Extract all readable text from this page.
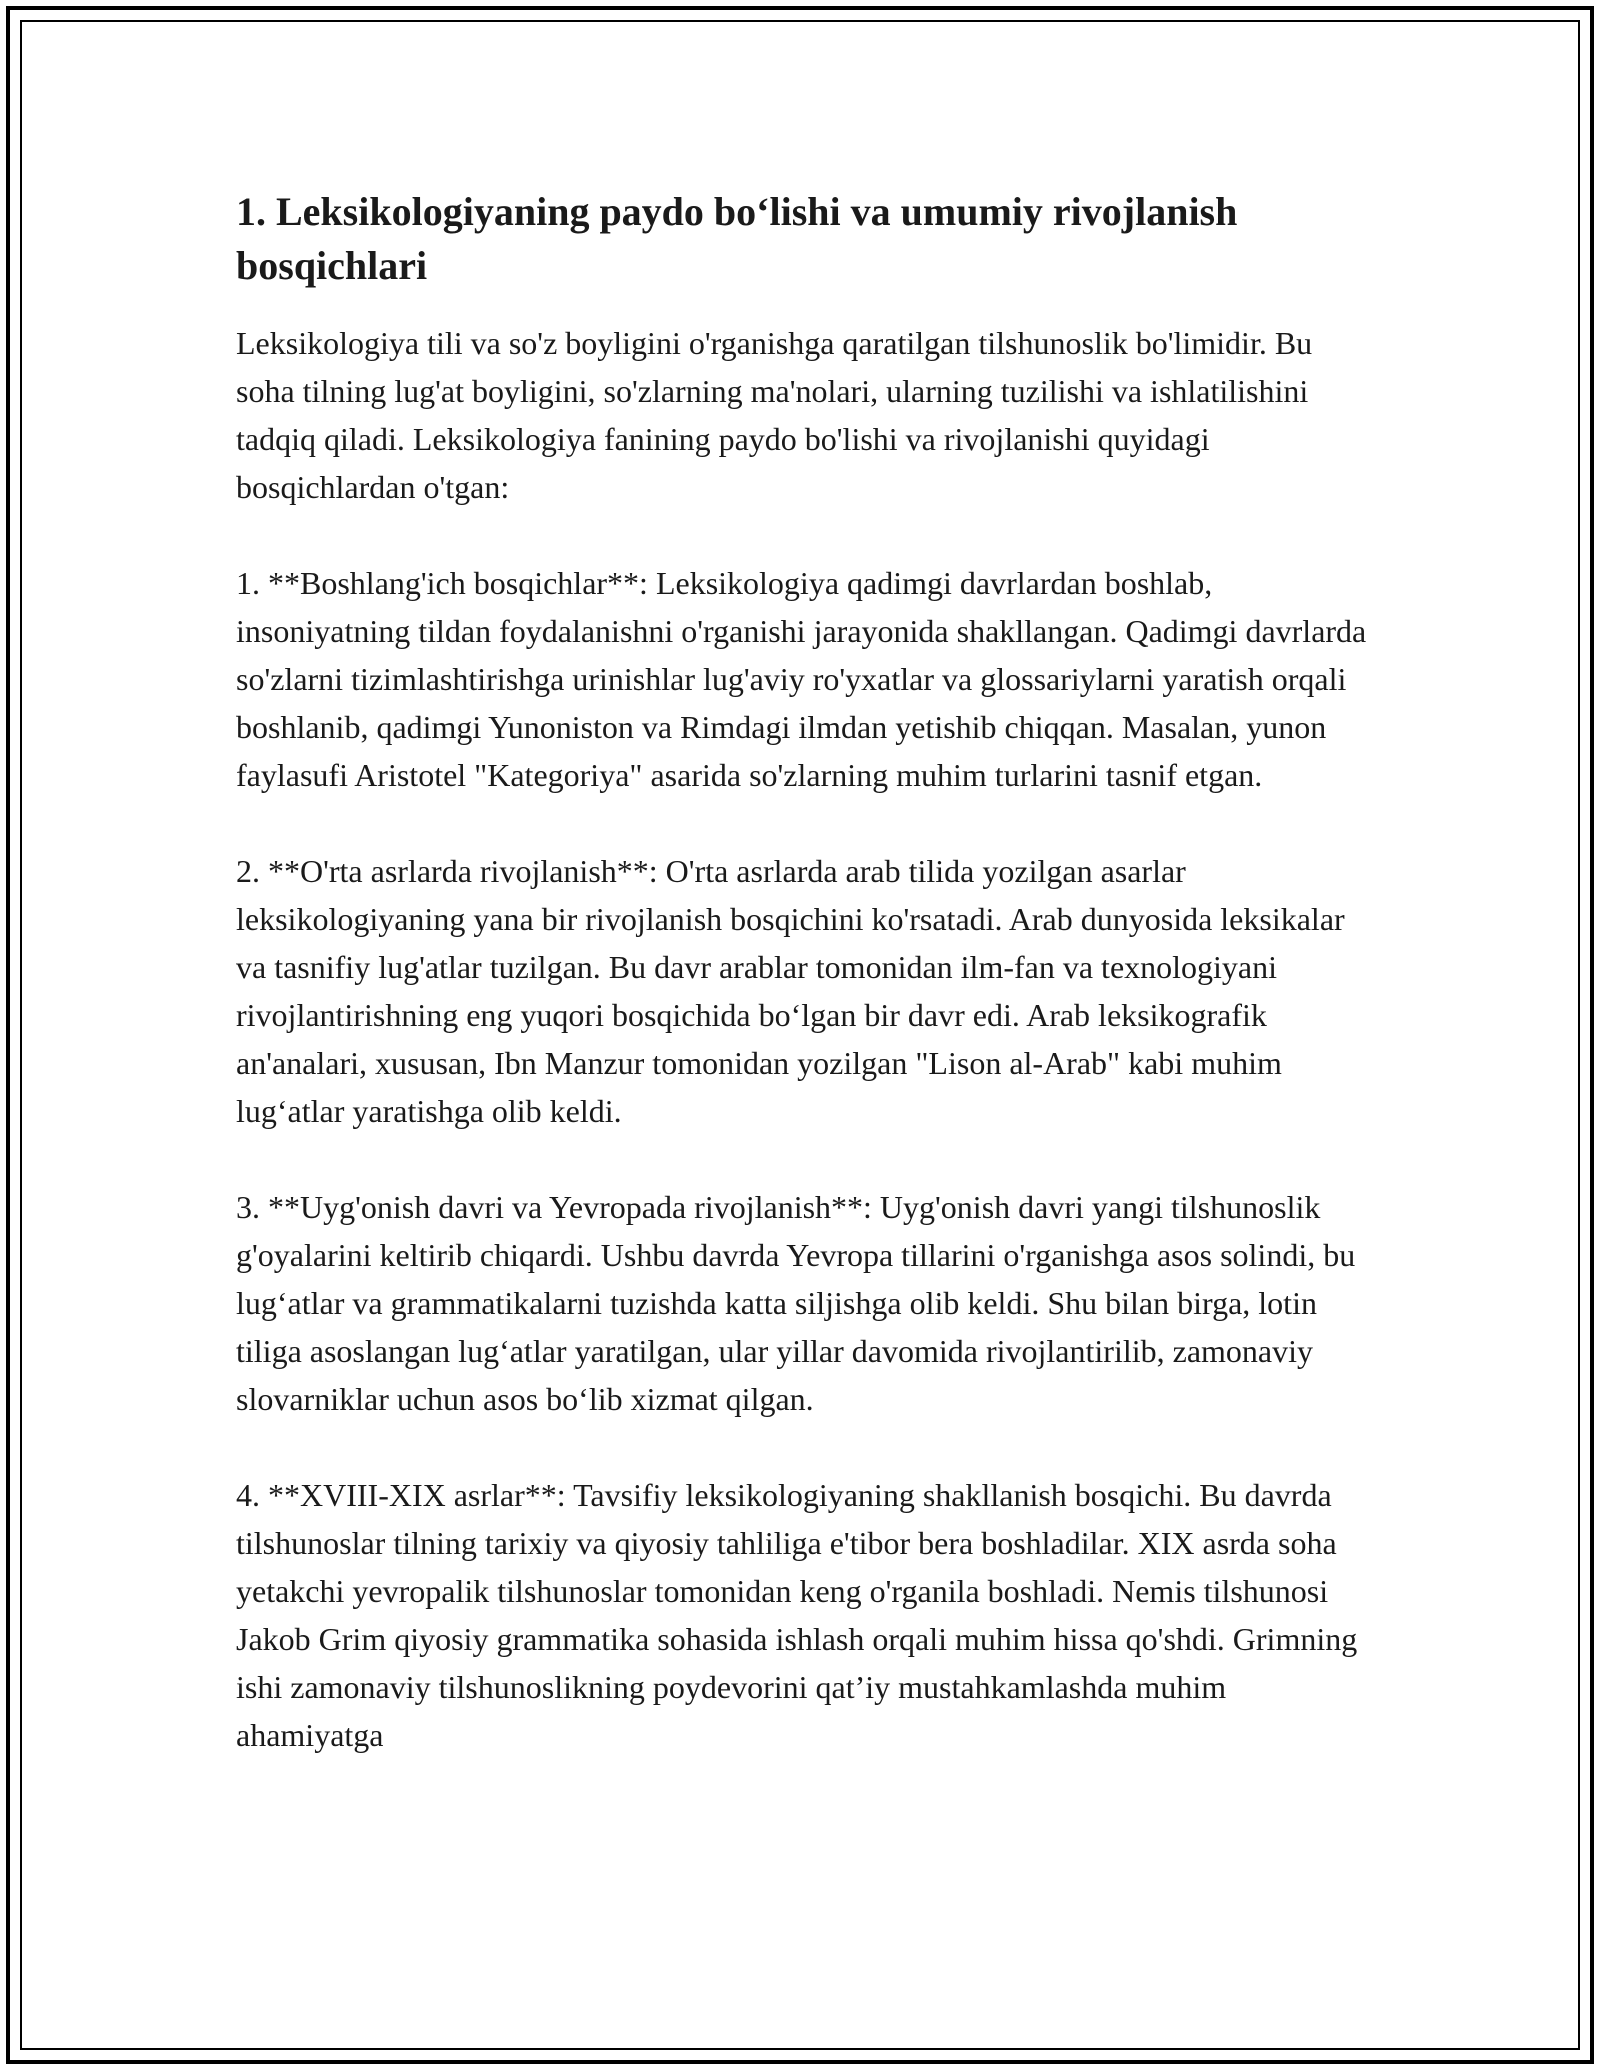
1. Leksikologiyaning paydo bo‘lishi va umumiy rivojlanish bosqichlari

Leksikologiya tili va so'z boyligini o'rganishga qaratilgan tilshunoslik bo'limidir. Bu soha tilning lug'at boyligini, so'zlarning ma'nolari, ularning tuzilishi va ishlatilishini tadqiq qiladi. Leksikologiya fanining paydo bo'lishi va rivojlanishi quyidagi bosqichlardan o'tgan:

1. **Boshlang'ich bosqichlar**: Leksikologiya qadimgi davrlardan boshlab, insoniyatning tildan foydalanishni o'rganishi jarayonida shakllangan. Qadimgi davrlarda so'zlarni tizimlashtirishga urinishlar lug'aviy ro'yxatlar va glossariylarni yaratish orqali boshlanib, qadimgi Yunoniston va Rimdagi ilmdan yetishib chiqqan. Masalan, yunon faylasufi Aristotel "Kategoriya" asarida so'zlarning muhim turlarini tasnif etgan.

2. **O'rta asrlarda rivojlanish**: O'rta asrlarda arab tilida yozilgan asarlar leksikologiyaning yana bir rivojlanish bosqichini ko'rsatadi. Arab dunyosida leksikalar va tasnifiy lug'atlar tuzilgan. Bu davr arablar tomonidan ilm-fan va texnologiyani rivojlantirishning eng yuqori bosqichida bo‘lgan bir davr edi. Arab leksikografik an'analari, xususan, Ibn Manzur tomonidan yozilgan "Lison al-Arab" kabi muhim lug‘atlar yaratishga olib keldi.

3. **Uyg'onish davri va Yevropada rivojlanish**: Uyg'onish davri yangi tilshunoslik g'oyalarini keltirib chiqardi. Ushbu davrda Yevropa tillarini o'rganishga asos solindi, bu lug‘atlar va grammatikalarni tuzishda katta siljishga olib keldi. Shu bilan birga, lotin tiliga asoslangan lug‘atlar yaratilgan, ular yillar davomida rivojlantirilib, zamonaviy slovarniklar uchun asos bo‘lib xizmat qilgan.

4. **XVIII-XIX asrlar**: Tavsifiy leksikologiyaning shakllanish bosqichi. Bu davrda tilshunoslar tilning tarixiy va qiyosiy tahliliga e'tibor bera boshladilar. XIX asrda soha yetakchi yevropalik tilshunoslar tomonidan keng o'rganila boshladi. Nemis tilshunosi Jakob Grim qiyosiy grammatika sohasida ishlash orqali muhim hissa qo'shdi. Grimning ishi zamonaviy tilshunoslikning poydevorini qat’iy mustahkamlashda muhim ahamiyatga
